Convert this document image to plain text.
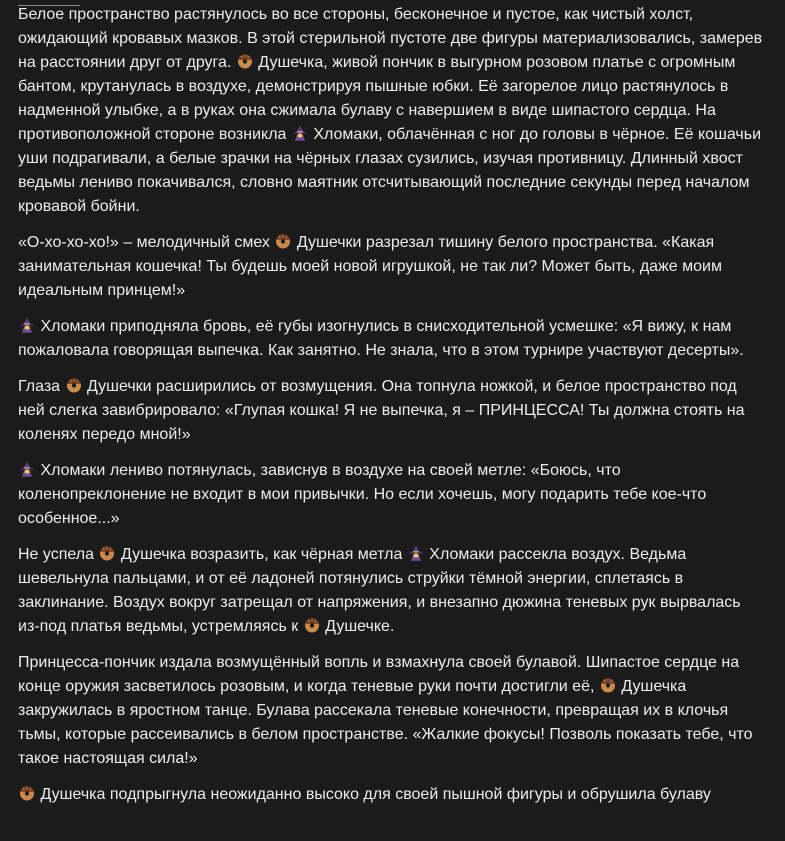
Белое пространство растянулось во все стороны, бесконечное и пустое, как чистый холст, ожидающий кровавых мазков. В этой стерильной пустоте две фигуры материализовались, замерев на расстоянии друг от друга.  Душечка, живой пончик в выгурном розовом платье с огромным бантом, крутанулась в воздухе, демонстрируя пышные юбки. Её загорелое лицо растянулось в надменной улыбке, а в руках она сжимала булаву с навершием в виде шипастого сердца. На противоположной стороне возникла  Хломаки, облачённая с ног до головы в чёрное. Её кошачьи уши подрагивали, а белые зрачки на чёрных глазах сузились, изучая противницу. Длинный хвост ведьмы лениво покачивался, словно маятник отсчитывающий последние секунды перед началом кровавой бойни.

«О-хо-хо-хо!» – мелодичный смех  Душечки разрезал тишину белого пространства. «Какая занимательная кошечка! Ты будешь моей новой игрушкой, не так ли? Может быть, даже моим идеальным принцем!»

Хломаки приподняла бровь, её губы изогнулись в снисходительной усмешке: «Я вижу, к нам пожаловала говорящая выпечка. Как занятно. Не знала, что в этом турнире участвуют десерты».

Глаза  Душечки расширились от возмущения. Она топнула ножкой, и белое пространство под ней слегка завибрировало: «Глупая кошка! Я не выпечка, я – ПРИНЦЕССА! Ты должна стоять на коленях передо мной!»

Хломаки лениво потянулась, зависнув в воздухе на своей метле: «Боюсь, что коленопреклонение не входит в мои привычки. Но если хочешь, могу подарить тебе кое-что особенное...»

Не успела  Душечка возразить, как чёрная метла  Хломаки рассекла воздух. Ведьма шевельнула пальцами, и от её ладоней потянулись струйки тёмной энергии, сплетаясь в заклинание. Воздух вокруг затрещал от напряжения, и внезапно дюжина теневых рук вырвалась из-под платья ведьмы, устремляясь к  Душечке.

Принцесса-пончик издала возмущённый вопль и взмахнула своей булавой. Шипастое сердце на конце оружия засветилось розовым, и когда теневые руки почти достигли её,  Душечка закружилась в яростном танце. Булава рассекала теневые конечности, превращая их в клочья тьмы, которые рассеивались в белом пространстве. «Жалкие фокусы! Позволь показать тебе, что такое настоящая сила!»

Душечка подпрыгнула неожиданно высоко для своей пышной фигуры и обрушила булаву
